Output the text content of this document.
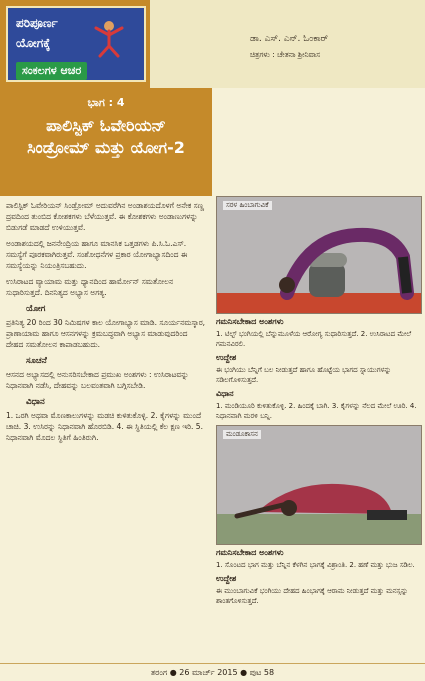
ಪರಿಪೂರ್ಣ
ಯೋಗಕ್ಕೆ
ಸಂಕಲಗಳ ಆಚರ
ಡಾ. ಎಸ್. ಎನ್. ಓಂಕಾರ್
ಚಿತ್ರಗಳು : ಚೇತನಾ ಶ್ರೀನಿವಾಸ
ಭಾಗ : 4
ಪಾಲಿಸ್ಟಿಕ್ ಓವೇರಿಯನ್
ಸಿಂಡ್ರೋಮ್ ಮತ್ತು ಯೋಗ-2

ಪಾಲಿಸ್ಟಿಕ್ ಓವೇರಿಯನ್ ಸಿಂಡ್ರೋಮ್ ಅದುವರೆಗಿನ ಅಂಡಾಶಯದೊಳಗೆ ಅನೇಕ ಸಣ್ಣ ದ್ರವದಿಂದ ತುಂಬಿದ ಕೋಶಕಗಳು ಬೆಳೆಯುತ್ತವೆ. ಈ ಕೋಶಕಗಳು ಅಂಡಾಣುಗಳನ್ನು ಬಿಡುಗಡೆ ಮಾಡದೆ ಉಳಿಯುತ್ತವೆ.

ಅಂಡಾಶಯದಲ್ಲಿ ಜನನೇಂದ್ರಿಯ ಹಾಗೂ ಮಾನಸಿಕ ಒತ್ತಡಗಳು ಪಿ.ಸಿ.ಓ.ಎಸ್. ಸಮಸ್ಯೆಗೆ ಪೂರಕವಾಗಿರುತ್ತವೆ. ಸಂಶೋಧನೆಗಳ ಪ್ರಕಾರ ಯೋಗಾಭ್ಯಾಸದಿಂದ ಈ ಸಮಸ್ಯೆಯನ್ನು ನಿಯಂತ್ರಿಸಬಹುದು.

ಉಸಿರಾಟದ ವ್ಯಾಯಾಮ ಮತ್ತು ಧ್ಯಾನದಿಂದ ಹಾರ್ಮೋನ್ ಸಮತೋಲನ ಸುಧಾರಿಸುತ್ತದೆ. ದಿನನಿತ್ಯದ ಅಭ್ಯಾಸ ಅಗತ್ಯ.

ಯೋಗ

ಪ್ರತಿನಿತ್ಯ 20 ರಿಂದ 30 ನಿಮಿಷಗಳ ಕಾಲ ಯೋಗಾಭ್ಯಾಸ ಮಾಡಿ. ಸೂರ್ಯನಮಸ್ಕಾರ, ಪ್ರಾಣಾಯಾಮ ಹಾಗೂ ಆಸನಗಳನ್ನು ಕ್ರಮಬದ್ಧವಾಗಿ ಅಭ್ಯಾಸ ಮಾಡುವುದರಿಂದ ದೇಹದ ಸಮತೋಲನ ಕಾಪಾಡಬಹುದು.

ಸೂಚನೆ

ಆಸನದ ಅಭ್ಯಾಸದಲ್ಲಿ ಅನುಸರಿಸಬೇಕಾದ ಪ್ರಮುಖ ಅಂಶಗಳು : ಉಸಿರಾಟವನ್ನು ನಿಧಾನವಾಗಿ ನಡೆಸಿ, ದೇಹವನ್ನು ಬಲವಂತವಾಗಿ ಬಗ್ಗಿಸಬೇಡಿ.

ವಿಧಾನ

1. ಒರಗಿ ಅಥವಾ ಮೊಣಕಾಲುಗಳನ್ನು ಮಡಚಿ ಕುಳಿತುಕೊಳ್ಳಿ. 2. ಕೈಗಳನ್ನು ಮುಂದೆ ಚಾಚಿ. 3. ಉಸಿರನ್ನು ನಿಧಾನವಾಗಿ ಹೊರಬಿಡಿ. 4. ಈ ಸ್ಥಿತಿಯಲ್ಲಿ ಕೆಲ ಕ್ಷಣ ಇರಿ. 5. ನಿಧಾನವಾಗಿ ಮೊದಲ ಸ್ಥಿತಿಗೆ ಹಿಂತಿರುಗಿ.

ಸರಳ ಹಿಂಬಾಗುವಿಕೆ
ಗಮನಿಸಬೇಕಾದ ಅಂಶಗಳು
1. ಟಿಲ್ಟ್ ಭಂಗಿಯಲ್ಲಿ ಬೆನ್ನುಮೂಳೆಯ ಆರೋಗ್ಯ ಸುಧಾರಿಸುತ್ತದೆ. 2. ಉಸಿರಾಟದ ಮೇಲೆ ಗಮನವಿರಲಿ.
ಉದ್ದೇಶ
ಈ ಭಂಗಿಯು ಬೆನ್ನಿಗೆ ಬಲ ನೀಡುತ್ತದೆ ಹಾಗೂ ಹೊಟ್ಟೆಯ ಭಾಗದ ಸ್ನಾಯುಗಳನ್ನು ಸಡಿಲಗೊಳಿಸುತ್ತದೆ.
ವಿಧಾನ
1. ಮಂಡಿಯೂರಿ ಕುಳಿತುಕೊಳ್ಳಿ. 2. ಹಿಂದಕ್ಕೆ ಬಾಗಿ. 3. ಕೈಗಳನ್ನು ನೆಲದ ಮೇಲೆ ಊರಿ. 4. ನಿಧಾನವಾಗಿ ಮರಳಿ ಬನ್ನಿ.
ಮಂಡೂಕಾಸನ
ಗಮನಿಸಬೇಕಾದ ಅಂಶಗಳು
1. ಸೊಂಟದ ಭಾಗ ಮತ್ತು ಬೆನ್ನಿನ ಕೆಳಗಿನ ಭಾಗಕ್ಕೆ ವಿಶ್ರಾಂತಿ. 2. ಹಣೆ ಮತ್ತು ಭುಜ ಸಡಿಲ.
ಉದ್ದೇಶ
ಈ ಮುಂಬಾಗುವಿಕೆ ಭಂಗಿಯು ದೇಹದ ಹಿಂಭಾಗಕ್ಕೆ ಆರಾಮ ನೀಡುತ್ತದೆ ಮತ್ತು ಮನಸ್ಸನ್ನು ಶಾಂತಗೊಳಿಸುತ್ತದೆ.
ತರಂಗ ● 26 ಮಾರ್ಚ್ 2015 ● ಪುಟ 58
